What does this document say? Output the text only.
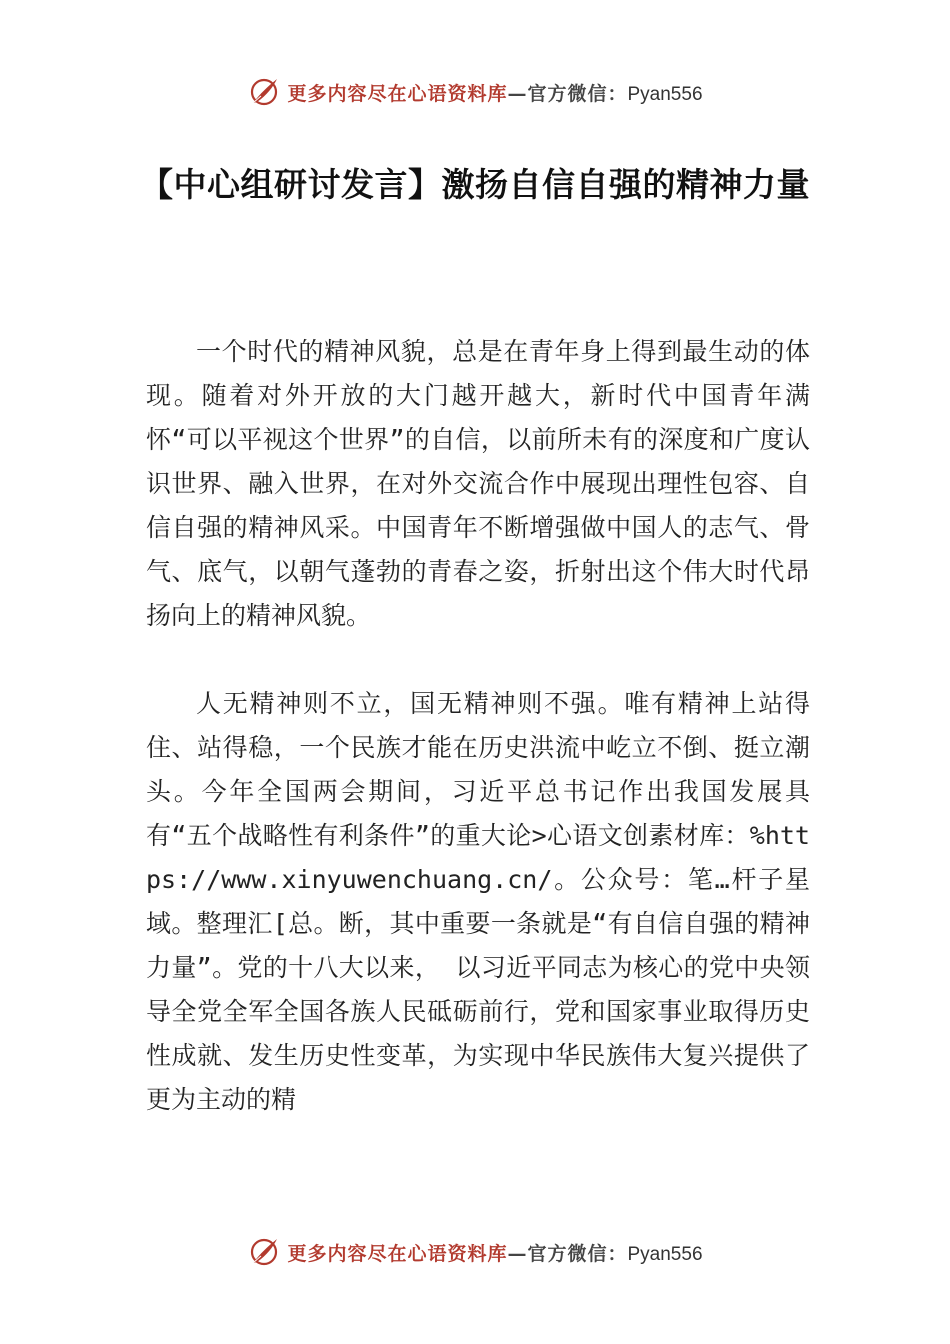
更多内容尽在心语资料库—官方微信：Pyan556
【中心组研讨发言】激扬自信自强的精神力量

一个时代的精神风貌，总是在青年身上得到最生动的体现。随着对外开放的大门越开越大，新时代中国青年满怀“可以平视这个世界”的自信，以前所未有的深度和广度认识世界、融入世界，在对外交流合作中展现出理性包容、自信自强的精神风采。中国青年不断增强做中国人的志气、骨气、底气，以朝气蓬勃的青春之姿，折射出这个伟大时代昂扬向上的精神风貌。

人无精神则不立，国无精神则不强。唯有精神上站得住、站得稳，一个民族才能在历史洪流中屹立不倒、挺立潮头。今年全国两会期间，习近平总书记作出我国发展具有“五个战略性有利条件”的重大论>心语文创素材库：%https://www.xinyuwenchuang.cn/。公众号：笔…杆子星域。整理汇[总。断，其中重要一条就是“有自信自强的精神力量”。党的十八大以来， 以习近平同志为核心的党中央领导全党全军全国各族人民砥砺前行，党和国家事业取得历史性成就、发生历史性变革，为实现中华民族伟大复兴提供了更为主动的精

更多内容尽在心语资料库—官方微信：Pyan556
